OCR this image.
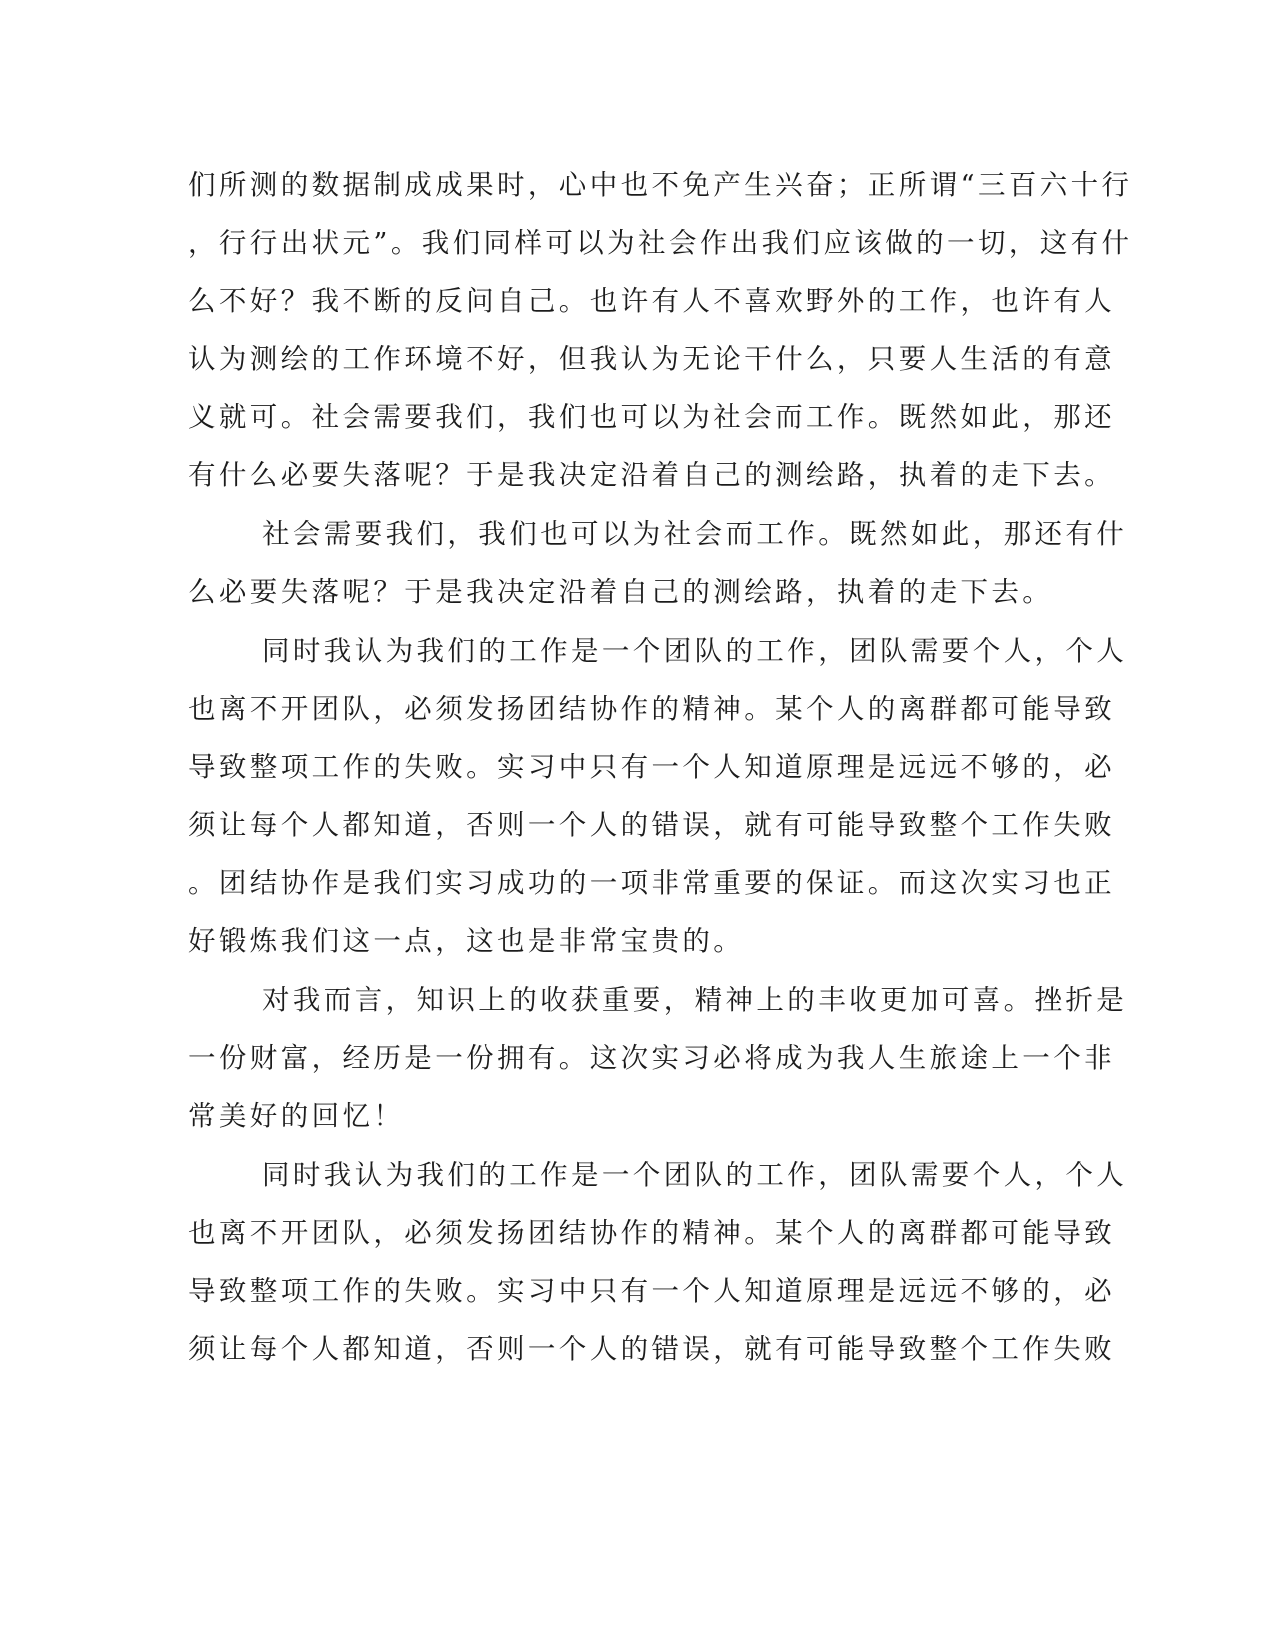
们所测的数据制成成果时，心中也不免产生兴奋；正所谓“三百六十行
，行行出状元”。我们同样可以为社会作出我们应该做的一切，这有什
么不好？我不断的反问自己。也许有人不喜欢野外的工作，也许有人
认为测绘的工作环境不好，但我认为无论干什么，只要人生活的有意
义就可。社会需要我们，我们也可以为社会而工作。既然如此，那还
有什么必要失落呢？于是我决定沿着自己的测绘路，执着的走下去。
社会需要我们，我们也可以为社会而工作。既然如此，那还有什
么必要失落呢？于是我决定沿着自己的测绘路，执着的走下去。
同时我认为我们的工作是一个团队的工作，团队需要个人，个人
也离不开团队，必须发扬团结协作的精神。某个人的离群都可能导致
导致整项工作的失败。实习中只有一个人知道原理是远远不够的，必
须让每个人都知道，否则一个人的错误，就有可能导致整个工作失败
。团结协作是我们实习成功的一项非常重要的保证。而这次实习也正
好锻炼我们这一点，这也是非常宝贵的。
对我而言，知识上的收获重要，精神上的丰收更加可喜。挫折是
一份财富，经历是一份拥有。这次实习必将成为我人生旅途上一个非
常美好的回忆！
同时我认为我们的工作是一个团队的工作，团队需要个人，个人
也离不开团队，必须发扬团结协作的精神。某个人的离群都可能导致
导致整项工作的失败。实习中只有一个人知道原理是远远不够的，必
须让每个人都知道，否则一个人的错误，就有可能导致整个工作失败
